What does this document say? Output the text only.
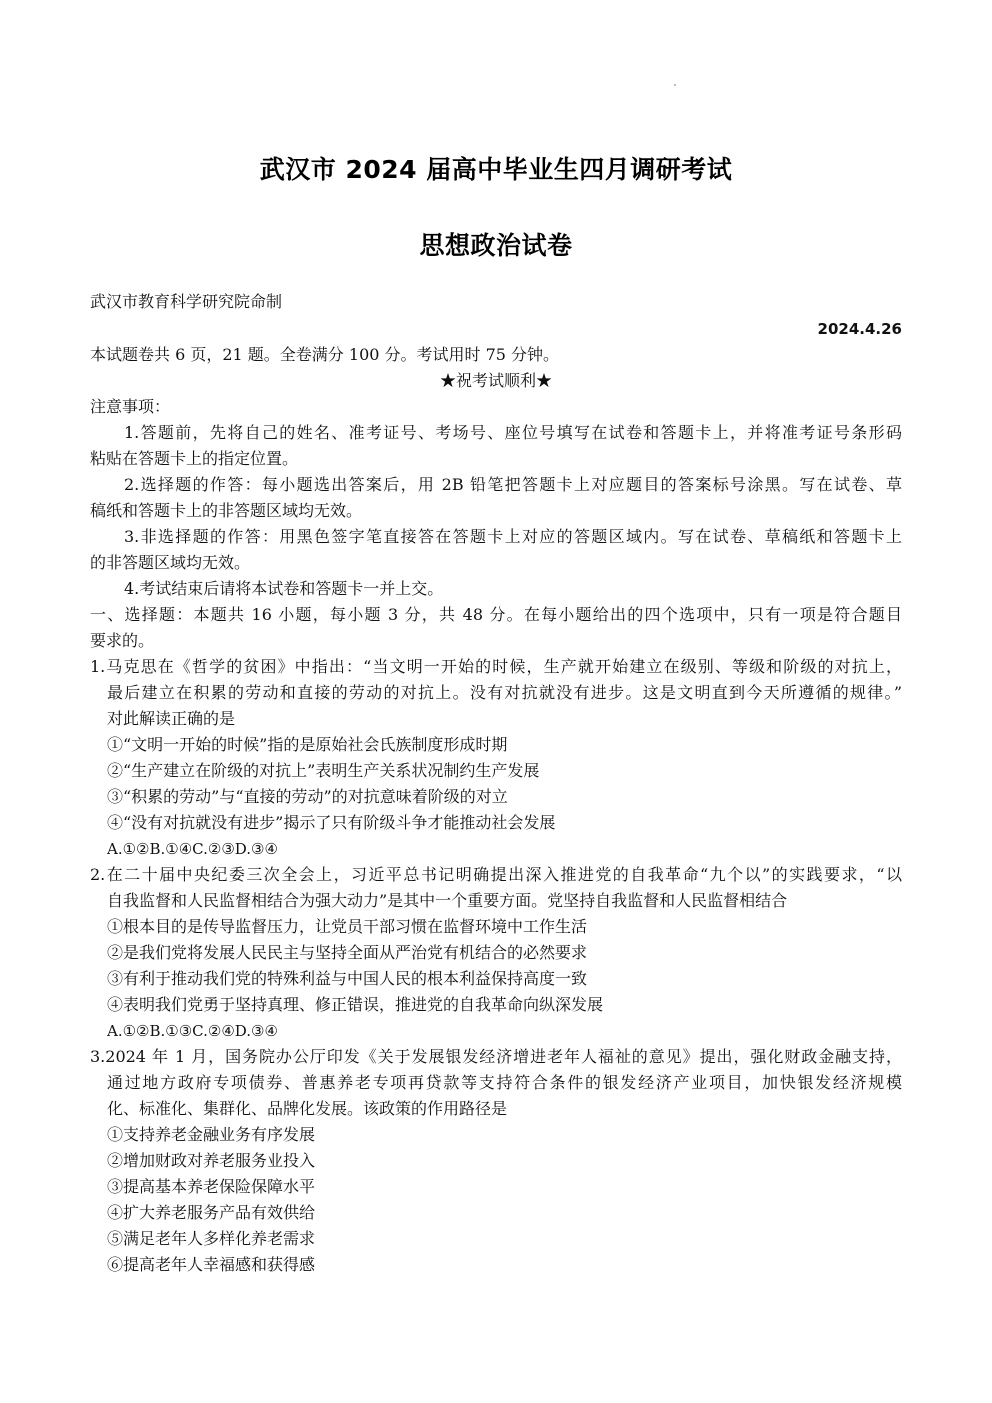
武汉市 2024 届高中毕业生四月调研考试
思想政治试卷
武汉市教育科学研究院命制
2024.4.26
本试题卷共 6 页，21 题。全卷满分 100 分。考试用时 75 分钟。
★祝考试顺利★
注意事项：
1.答题前，先将自己的姓名、准考证号、考场号、座位号填写在试卷和答题卡上，并将准考证号条形码
粘贴在答题卡上的指定位置。
2.选择题的作答：每小题选出答案后，用 2B 铅笔把答题卡上对应题目的答案标号涂黑。写在试卷、草
稿纸和答题卡上的非答题区域均无效。
3.非选择题的作答：用黑色签字笔直接答在答题卡上对应的答题区域内。写在试卷、草稿纸和答题卡上
的非答题区域均无效。
4.考试结束后请将本试卷和答题卡一并上交。
一、选择题：本题共 16 小题，每小题 3 分，共 48 分。在每小题给出的四个选项中，只有一项是符合题目
要求的。
1.马克思在《哲学的贫困》中指出：“当文明一开始的时候，生产就开始建立在级别、等级和阶级的对抗上，
最后建立在积累的劳动和直接的劳动的对抗上。没有对抗就没有进步。这是文明直到今天所遵循的规律。”
对此解读正确的是
①“文明一开始的时候”指的是原始社会氏族制度形成时期
②“生产建立在阶级的对抗上”表明生产关系状况制约生产发展
③“积累的劳动”与“直接的劳动”的对抗意味着阶级的对立
④“没有对抗就没有进步”揭示了只有阶级斗争才能推动社会发展
A.①②B.①④C.②③D.③④
2.在二十届中央纪委三次全会上，习近平总书记明确提出深入推进党的自我革命“九个以”的实践要求，“以
自我监督和人民监督相结合为强大动力”是其中一个重要方面。党坚持自我监督和人民监督相结合
①根本目的是传导监督压力，让党员干部习惯在监督环境中工作生活
②是我们党将发展人民民主与坚持全面从严治党有机结合的必然要求
③有利于推动我们党的特殊利益与中国人民的根本利益保持高度一致
④表明我们党勇于坚持真理、修正错误，推进党的自我革命向纵深发展
A.①②B.①③C.②④D.③④
3.2024 年 1 月，国务院办公厅印发《关于发展银发经济增进老年人福祉的意见》提出，强化财政金融支持，
通过地方政府专项债券、普惠养老专项再贷款等支持符合条件的银发经济产业项目，加快银发经济规模
化、标准化、集群化、品牌化发展。该政策的作用路径是
①支持养老金融业务有序发展
②增加财政对养老服务业投入
③提高基本养老保险保障水平
④扩大养老服务产品有效供给
⑤满足老年人多样化养老需求
⑥提高老年人幸福感和获得感
